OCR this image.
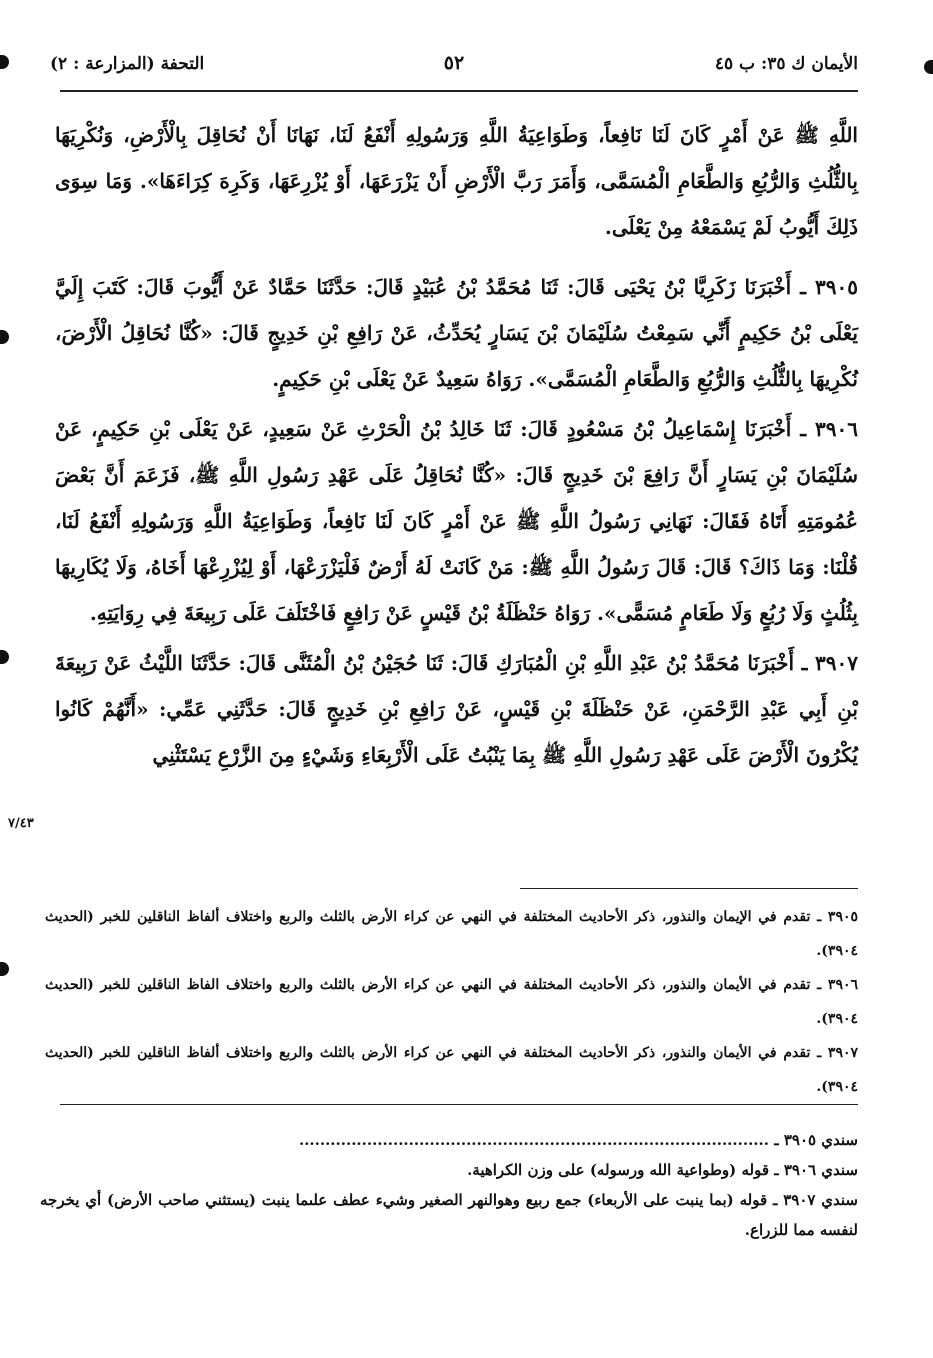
الأيمان ك ٣٥: ب ٤٥
٥٢
التحفة (المزارعة : ٢)

اللَّهِ ﷺ عَنْ أَمْرٍ كَانَ لَنَا نَافِعاً، وَطَوَاعِيَةُ اللَّهِ وَرَسُولِهِ أَنْفَعُ لَنَا، نَهَانَا أَنْ نُحَاقِلَ بِالْأَرْضِ، وَنُكْرِيَهَا بِالثُّلُثِ وَالرُّبُعِ وَالطَّعَامِ الْمُسَمَّى، وَأَمَرَ رَبَّ الْأَرْضِ أَنْ يَزْرَعَهَا، أَوْ يُزْرِعَهَا، وَكَرِهَ كِرَاءَهَا». وَمَا سِوَى ذَلِكَ أَيُّوبُ لَمْ يَسْمَعْهُ مِنْ يَعْلَى.

٣٩٠٥ ـ أَخْبَرَنَا زَكَرِيَّا بْنُ يَحْيَى قَالَ: ثَنَا مُحَمَّدُ بْنُ عُبَيْدٍ قَالَ: حَدَّثَنَا حَمَّادٌ عَنْ أَيُّوبَ قَالَ: كَتَبَ إِلَيَّ يَعْلَى بْنُ حَكِيمٍ أَنِّي سَمِعْتُ سُلَيْمَانَ بْنَ يَسَارٍ يُحَدِّثُ، عَنْ رَافِعِ بْنِ خَدِيجٍ قَالَ: «كُنَّا نُحَاقِلُ الْأَرْضَ، نُكْرِيهَا بِالثُّلُثِ وَالرُّبُعِ وَالطَّعَامِ الْمُسَمَّى». رَوَاهُ سَعِيدٌ عَنْ يَعْلَى بْنِ حَكِيمٍ.

٣٩٠٦ ـ أَخْبَرَنَا إِسْمَاعِيلُ بْنُ مَسْعُودٍ قَالَ: ثَنَا خَالِدُ بْنُ الْحَرْثِ عَنْ سَعِيدٍ، عَنْ يَعْلَى بْنِ حَكِيمٍ، عَنْ سُلَيْمَانَ بْنِ يَسَارٍ أَنَّ رَافِعَ بْنَ خَدِيجٍ قَالَ: «كُنَّا نُحَاقِلُ عَلَى عَهْدِ رَسُولِ اللَّهِ ﷺ، فَزَعَمَ أَنَّ بَعْضَ عُمُومَتِهِ أَتَاهُ فَقَالَ: نَهَانِي رَسُولُ اللَّهِ ﷺ عَنْ أَمْرٍ كَانَ لَنَا نَافِعاً، وَطَوَاعِيَةُ اللَّهِ وَرَسُولِهِ أَنْفَعُ لَنَا، قُلْنَا: وَمَا ذَاكَ؟ قَالَ: قَالَ رَسُولُ اللَّهِ ﷺ: مَنْ كَانَتْ لَهُ أَرْضٌ فَلْيَزْرَعْهَا، أَوْ لِيُزْرِعْهَا أَخَاهُ، وَلَا يُكَارِيهَا بِثُلُثٍ وَلَا رُبُعٍ وَلَا طَعَامٍ مُسَمًّى». رَوَاهُ حَنْظَلَةُ بْنُ قَيْسٍ عَنْ رَافِعٍ فَاخْتَلَفَ عَلَى رَبِيعَةَ فِي رِوَايَتِهِ.

٣٩٠٧ ـ أَخْبَرَنَا مُحَمَّدُ بْنُ عَبْدِ اللَّهِ بْنِ الْمُبَارَكِ قَالَ: ثَنَا حُجَيْنُ بْنُ الْمُثَنَّى قَالَ: حَدَّثَنَا اللَّيْثُ عَنْ رَبِيعَةَ بْنِ أَبِي عَبْدِ الرَّحْمَنِ، عَنْ حَنْظَلَةَ بْنِ قَيْسٍ، عَنْ رَافِعِ بْنِ خَدِيجٍ قَالَ: حَدَّثَنِي عَمِّي: «أَنَّهُمْ كَانُوا يُكْرُونَ الْأَرْضَ عَلَى عَهْدِ رَسُولِ اللَّهِ ﷺ بِمَا يَنْبُتُ عَلَى الْأَرْبِعَاءِ وَشَيْءٍ مِنَ الزَّرْعِ يَسْتَثْنِي

٧/٤٣

٣٩٠٥ ـ تقدم في الإيمان والنذور، ذكر الأحاديث المختلفة في النهي عن كراء الأرض بالثلث والربع واختلاف ألفاظ الناقلين للخبر (الحديث ٣٩٠٤).

٣٩٠٦ ـ تقدم في الأيمان والنذور، ذكر الأحاديث المختلفة في النهي عن كراء الأرض بالثلث والربع واختلاف الفاظ الناقلين للخبر (الحديث ٣٩٠٤).

٣٩٠٧ ـ تقدم في الأيمان والنذور، ذكر الأحاديث المختلفة في النهي عن كراء الأرض بالثلث والربع واختلاف ألفاظ الناقلين للخبر (الحديث ٣٩٠٤).

سندي ٣٩٠٥ ـ ..........................................................................................

سندي ٣٩٠٦ ـ قوله (وطواعية الله ورسوله) على وزن الكراهية.

سندي ٣٩٠٧ ـ قوله (بما ينبت على الأربعاء) جمع ربيع وهوالنهر الصغير وشيء عطف علىما ينبت (يستثني صاحب الأرض) أي يخرجه لنفسه مما للزراع.
